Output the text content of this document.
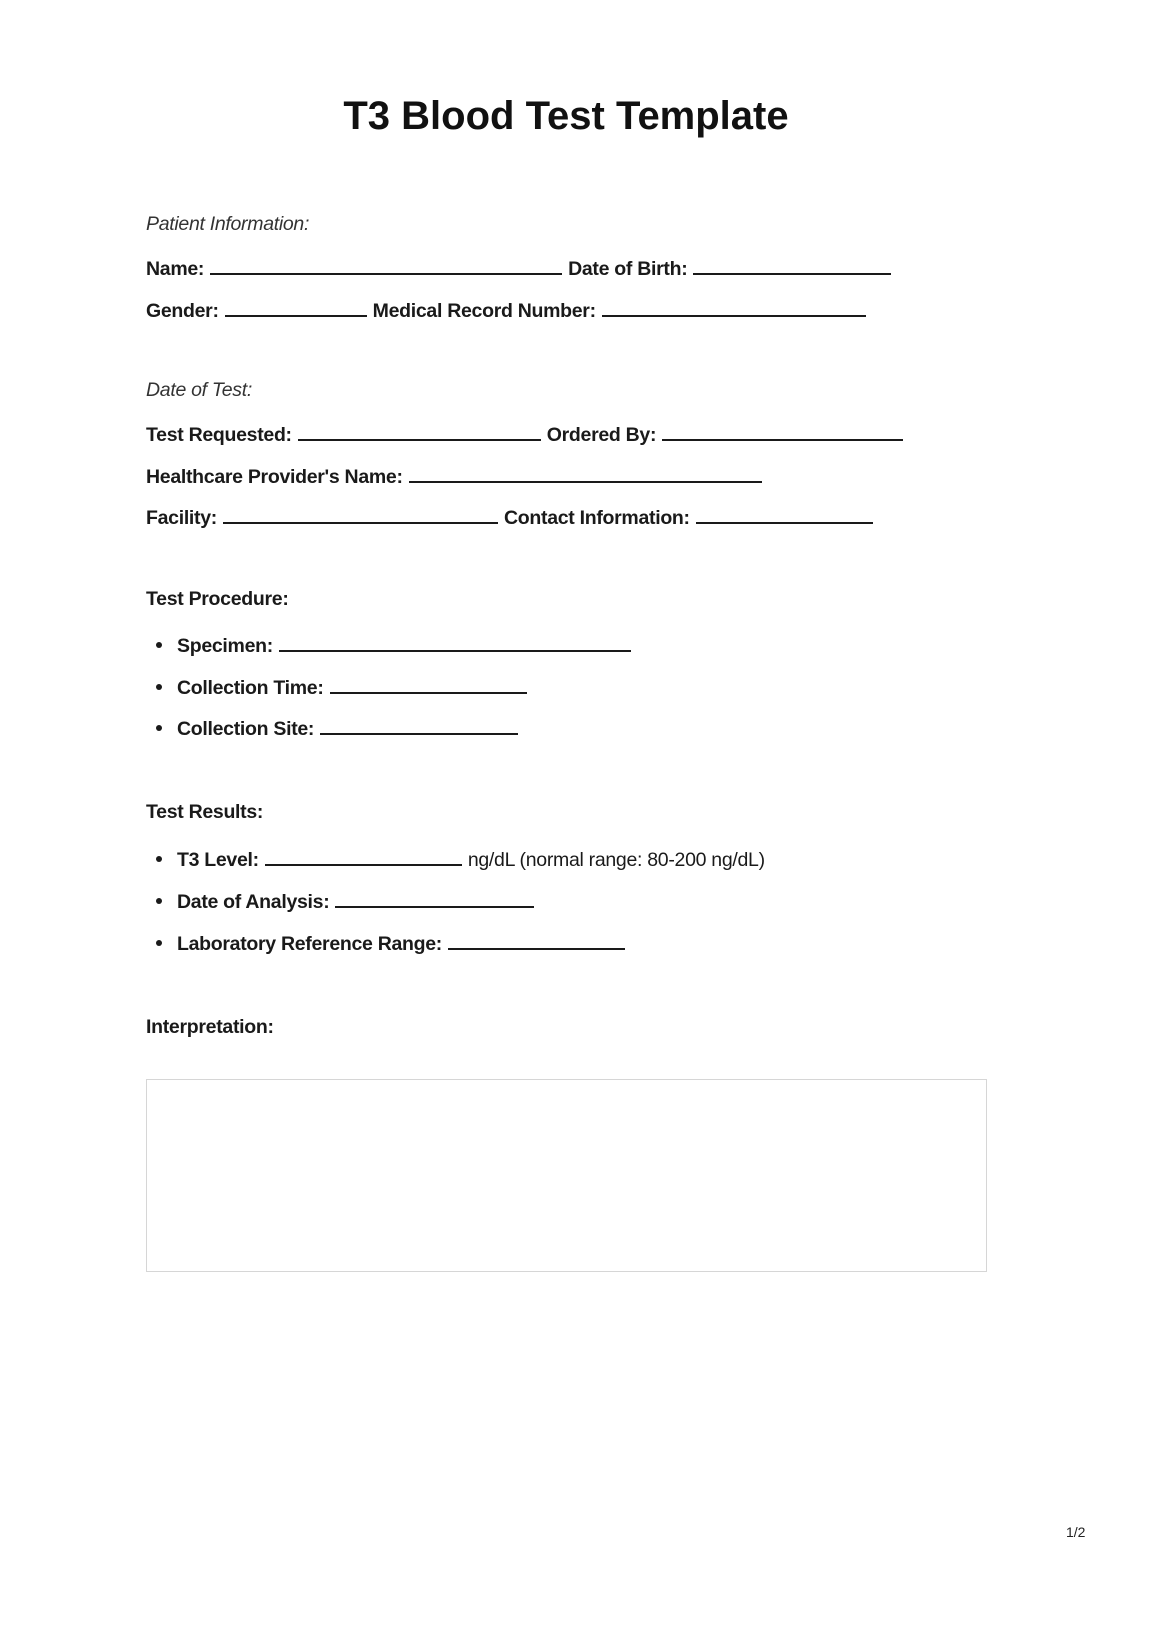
T3 Blood Test Template
Patient Information:
Name:	Date of Birth:
Gender:	Medical Record Number:
Date of Test:
Test Requested:	Ordered By:
Healthcare Provider's Name:
Facility:	Contact Information:
Test Procedure:
Specimen:
Collection Time:
Collection Site:
Test Results:
T3 Level:	ng/dL (normal range: 80-200 ng/dL)
Date of Analysis:
Laboratory Reference Range:
Interpretation:
1/2
